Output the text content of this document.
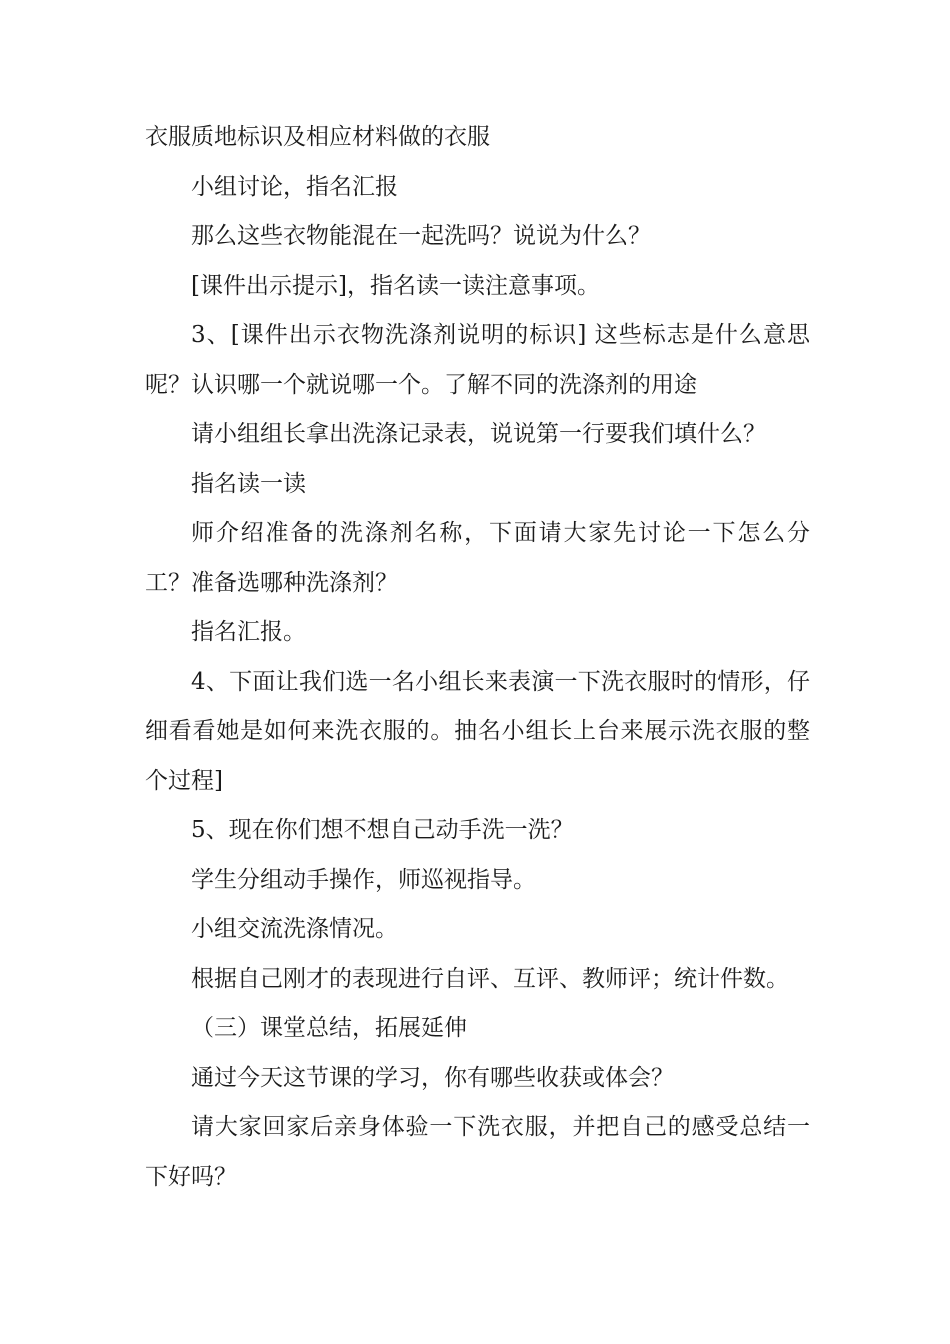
衣服质地标识及相应材料做的衣服

小组讨论，指名汇报

那么这些衣物能混在一起洗吗？说说为什么？

[课件出示提示]，指名读一读注意事项。

3、[课件出示衣物洗涤剂说明的标识] 这些标志是什么意思呢？认识哪一个就说哪一个。了解不同的洗涤剂的用途

请小组组长拿出洗涤记录表，说说第一行要我们填什么？

指名读一读

师介绍准备的洗涤剂名称，下面请大家先讨论一下怎么分工？准备选哪种洗涤剂？

指名汇报。

4、下面让我们选一名小组长来表演一下洗衣服时的情形，仔细看看她是如何来洗衣服的。抽名小组长上台来展示洗衣服的整个过程]

5、现在你们想不想自己动手洗一洗？

学生分组动手操作，师巡视指导。

小组交流洗涤情况。

根据自己刚才的表现进行自评、互评、教师评；统计件数。

（三）课堂总结，拓展延伸

通过今天这节课的学习，你有哪些收获或体会？

请大家回家后亲身体验一下洗衣服，并把自己的感受总结一下好吗？
